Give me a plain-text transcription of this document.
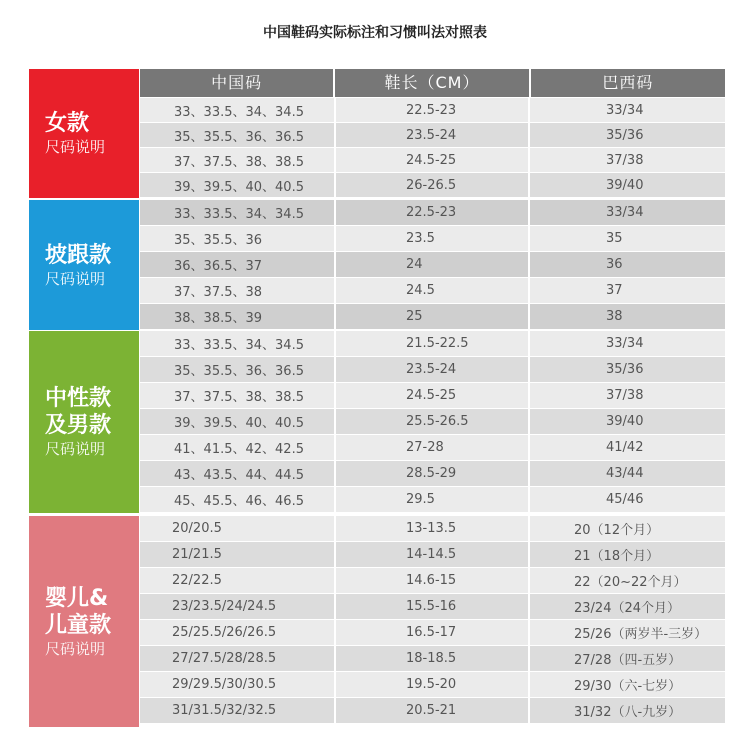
中国鞋码实际标注和习惯叫法对照表
中国码	鞋长（CM）	巴西码
女款
尺码说明
33、33.5、34、34.5	22.5-23	33/34
35、35.5、36、36.5	23.5-24	35/36
37、37.5、38、38.5	24.5-25	37/38
39、39.5、40、40.5	26-26.5	39/40
坡跟款
尺码说明
33、33.5、34、34.5	22.5-23	33/34
35、35.5、36	23.5	35
36、36.5、37	24	36
37、37.5、38	24.5	37
38、38.5、39	25	38
中性款
及男款
尺码说明
33、33.5、34、34.5	21.5-22.5	33/34
35、35.5、36、36.5	23.5-24	35/36
37、37.5、38、38.5	24.5-25	37/38
39、39.5、40、40.5	25.5-26.5	39/40
41、41.5、42、42.5	27-28	41/42
43、43.5、44、44.5	28.5-29	43/44
45、45.5、46、46.5	29.5	45/46
婴儿&
儿童款
尺码说明
20/20.5	13-13.5	20（12个月）
21/21.5	14-14.5	21（18个月）
22/22.5	14.6-15	22（20~22个月）
23/23.5/24/24.5	15.5-16	23/24（24个月）
25/25.5/26/26.5	16.5-17	25/26（两岁半-三岁）
27/27.5/28/28.5	18-18.5	27/28（四-五岁）
29/29.5/30/30.5	19.5-20	29/30（六-七岁）
31/31.5/32/32.5	20.5-21	31/32（八-九岁）
